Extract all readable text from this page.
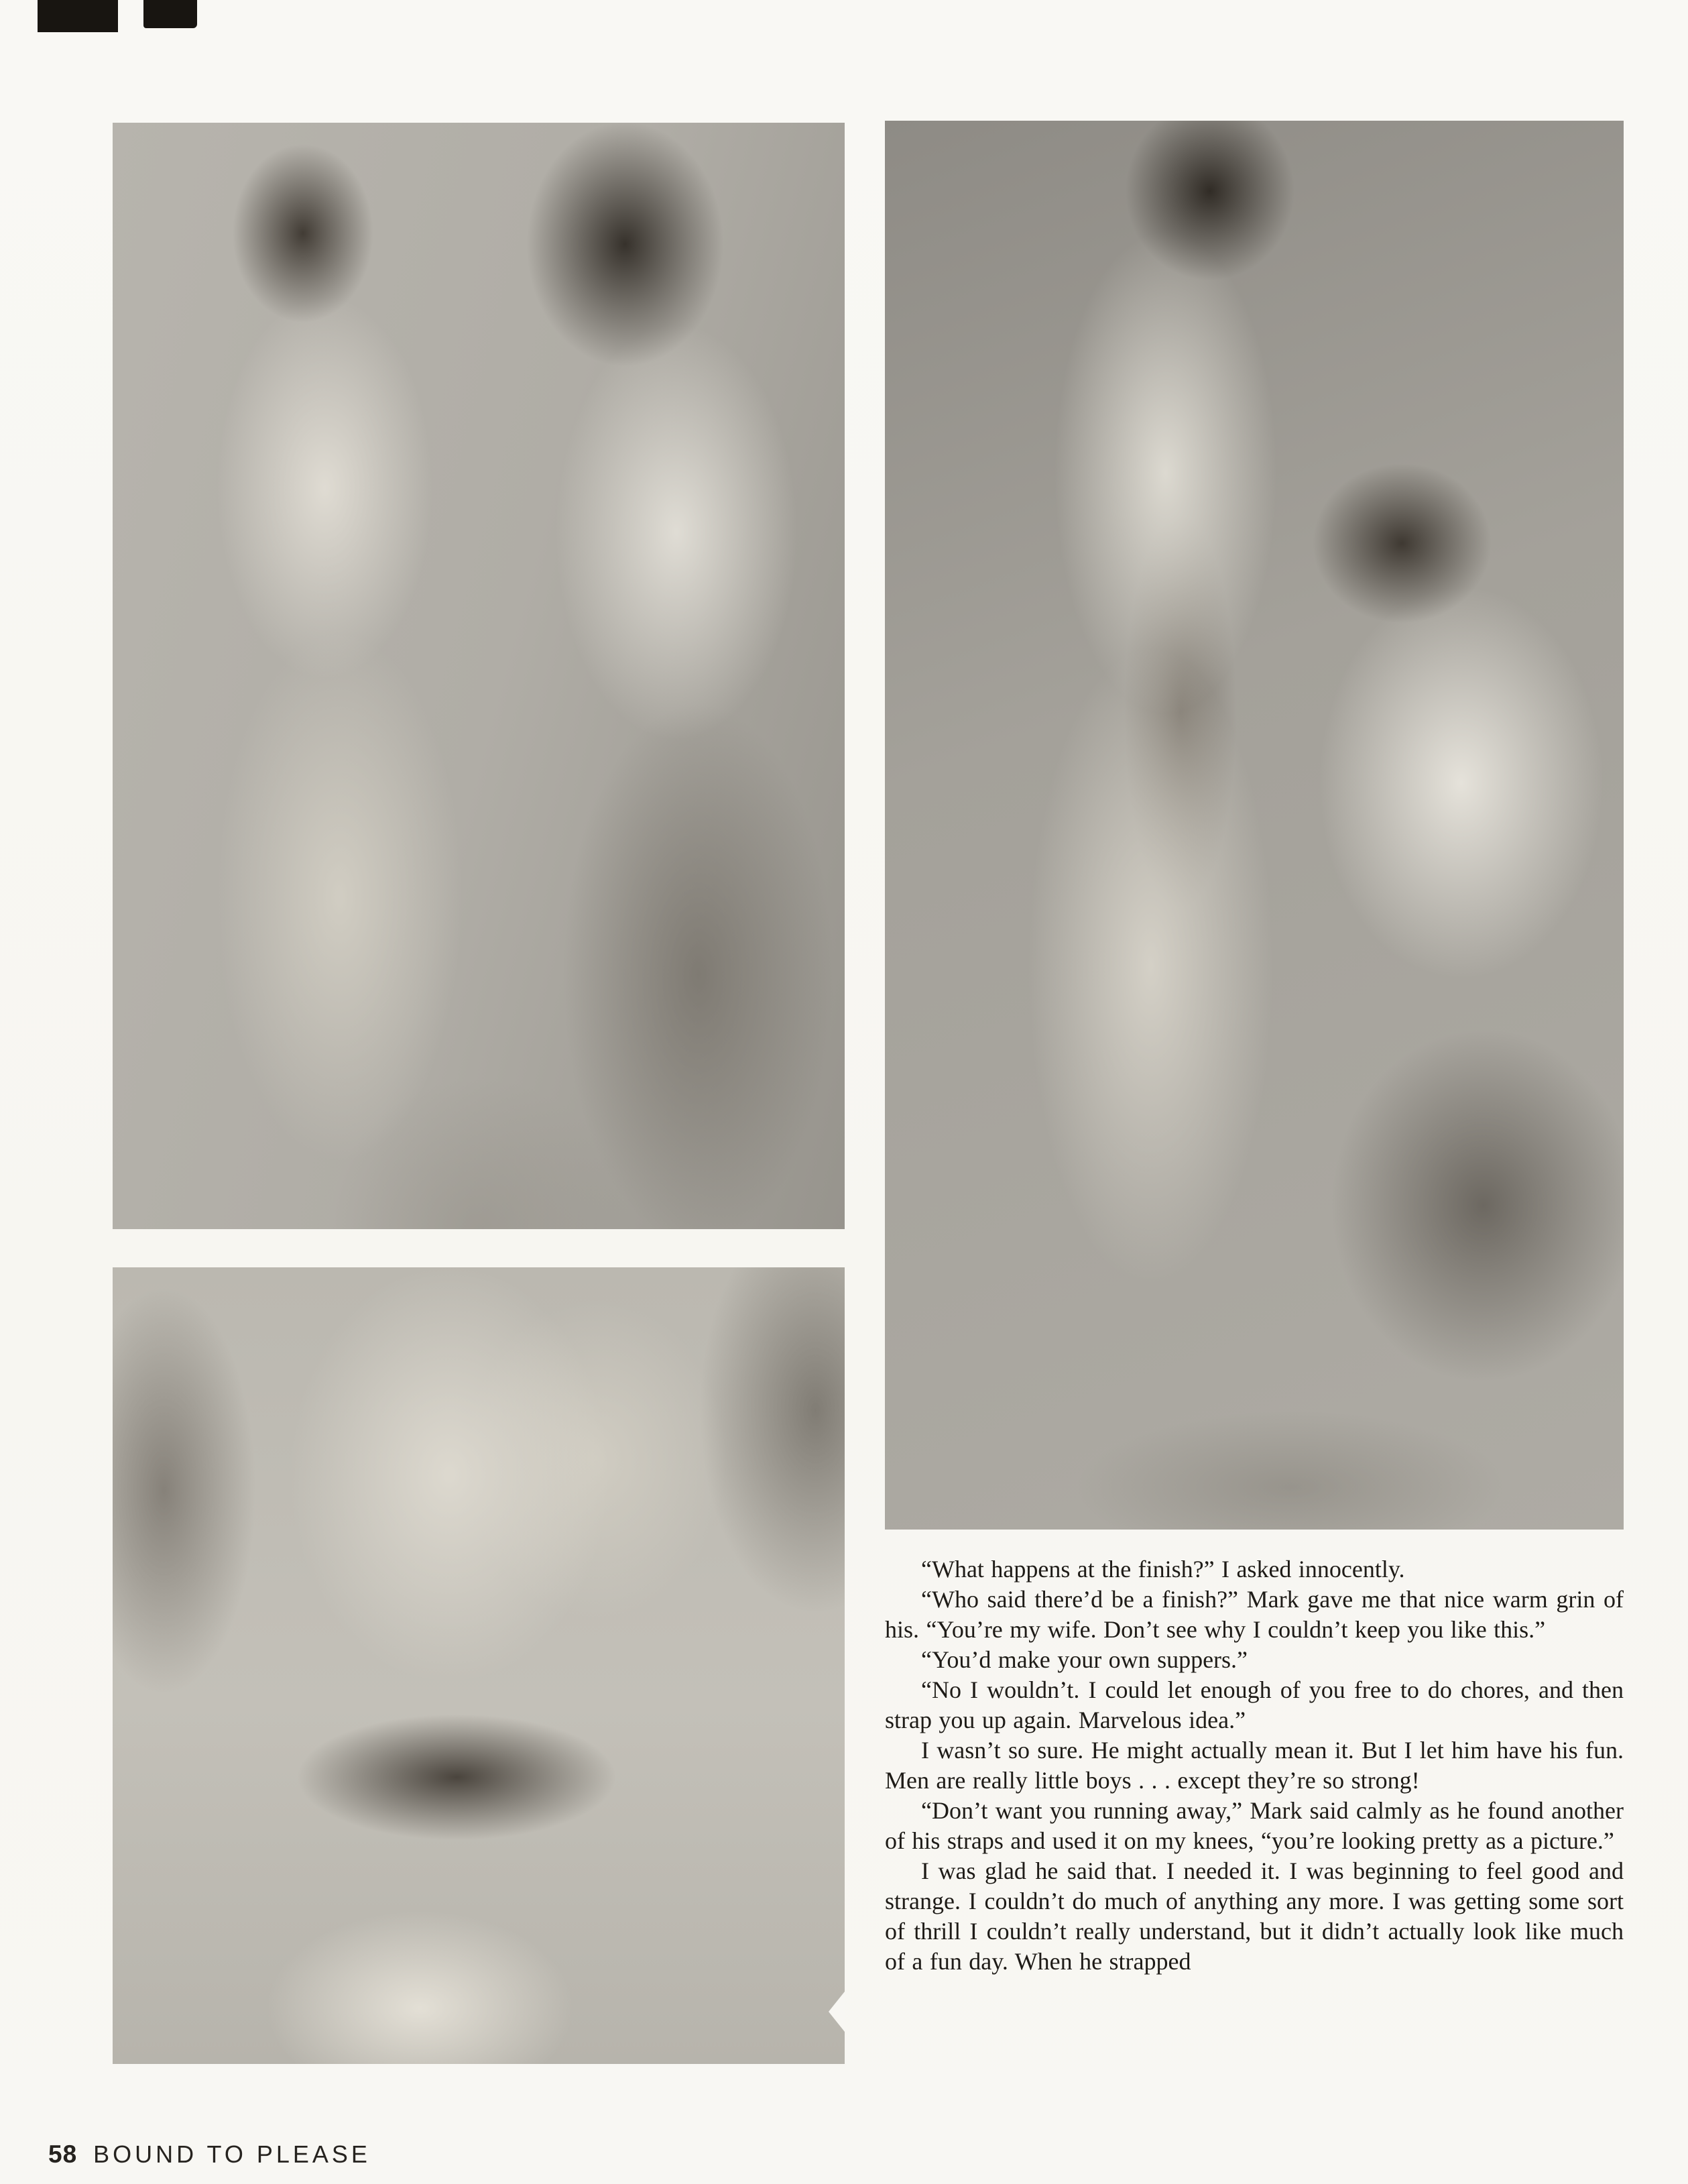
“What happens at the finish?” I asked innocently.

“Who said there’d be a finish?” Mark gave me that nice warm grin of his. “You’re my wife. Don’t see why I couldn’t keep you like this.”

“You’d make your own suppers.”

“No I wouldn’t. I could let enough of you free to do chores, and then strap you up again. Marvelous idea.”

I wasn’t so sure. He might actually mean it. But I let him have his fun. Men are really little boys . . . except they’re so strong!

“Don’t want you running away,” Mark said calmly as he found another of his straps and used it on my knees, “you’re looking pretty as a picture.”

I was glad he said that. I needed it. I was beginning to feel good and strange. I couldn’t do much of anything any more. I was getting some sort of thrill I couldn’t really understand, but it didn’t actually look like much of a fun day. When he strapped

58 BOUND TO PLEASE
